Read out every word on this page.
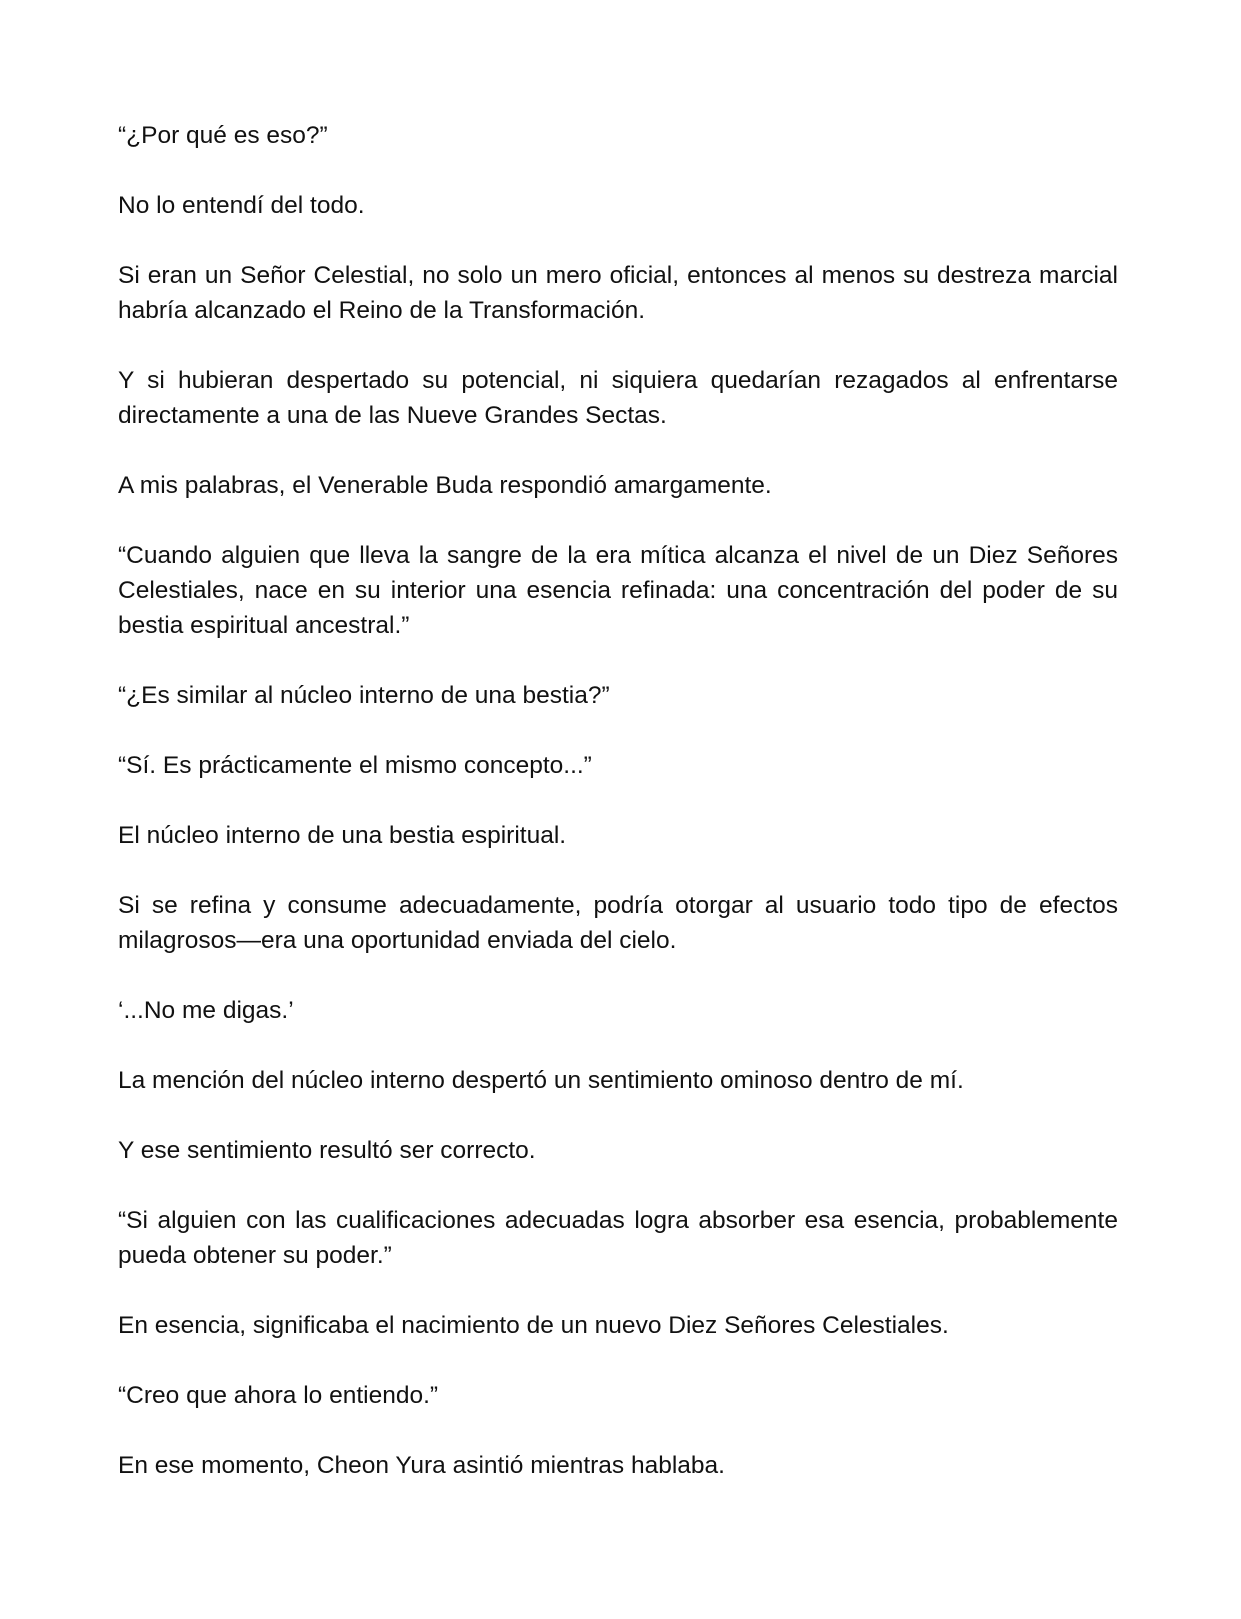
“¿Por qué es eso?”

No lo entendí del todo.

Si eran un Señor Celestial, no solo un mero oficial, entonces al menos su destreza marcial habría alcanzado el Reino de la Transformación.

Y si hubieran despertado su potencial, ni siquiera quedarían rezagados al enfrentarse directamente a una de las Nueve Grandes Sectas.

A mis palabras, el Venerable Buda respondió amargamente.

“Cuando alguien que lleva la sangre de la era mítica alcanza el nivel de un Diez Señores Celestiales, nace en su interior una esencia refinada: una concentración del poder de su bestia espiritual ancestral.”

“¿Es similar al núcleo interno de una bestia?”

“Sí. Es prácticamente el mismo concepto...”

El núcleo interno de una bestia espiritual.

Si se refina y consume adecuadamente, podría otorgar al usuario todo tipo de efectos milagrosos—era una oportunidad enviada del cielo.

‘...No me digas.’

La mención del núcleo interno despertó un sentimiento ominoso dentro de mí.

Y ese sentimiento resultó ser correcto.

“Si alguien con las cualificaciones adecuadas logra absorber esa esencia, probablemente pueda obtener su poder.”

En esencia, significaba el nacimiento de un nuevo Diez Señores Celestiales.

“Creo que ahora lo entiendo.”

En ese momento, Cheon Yura asintió mientras hablaba.
